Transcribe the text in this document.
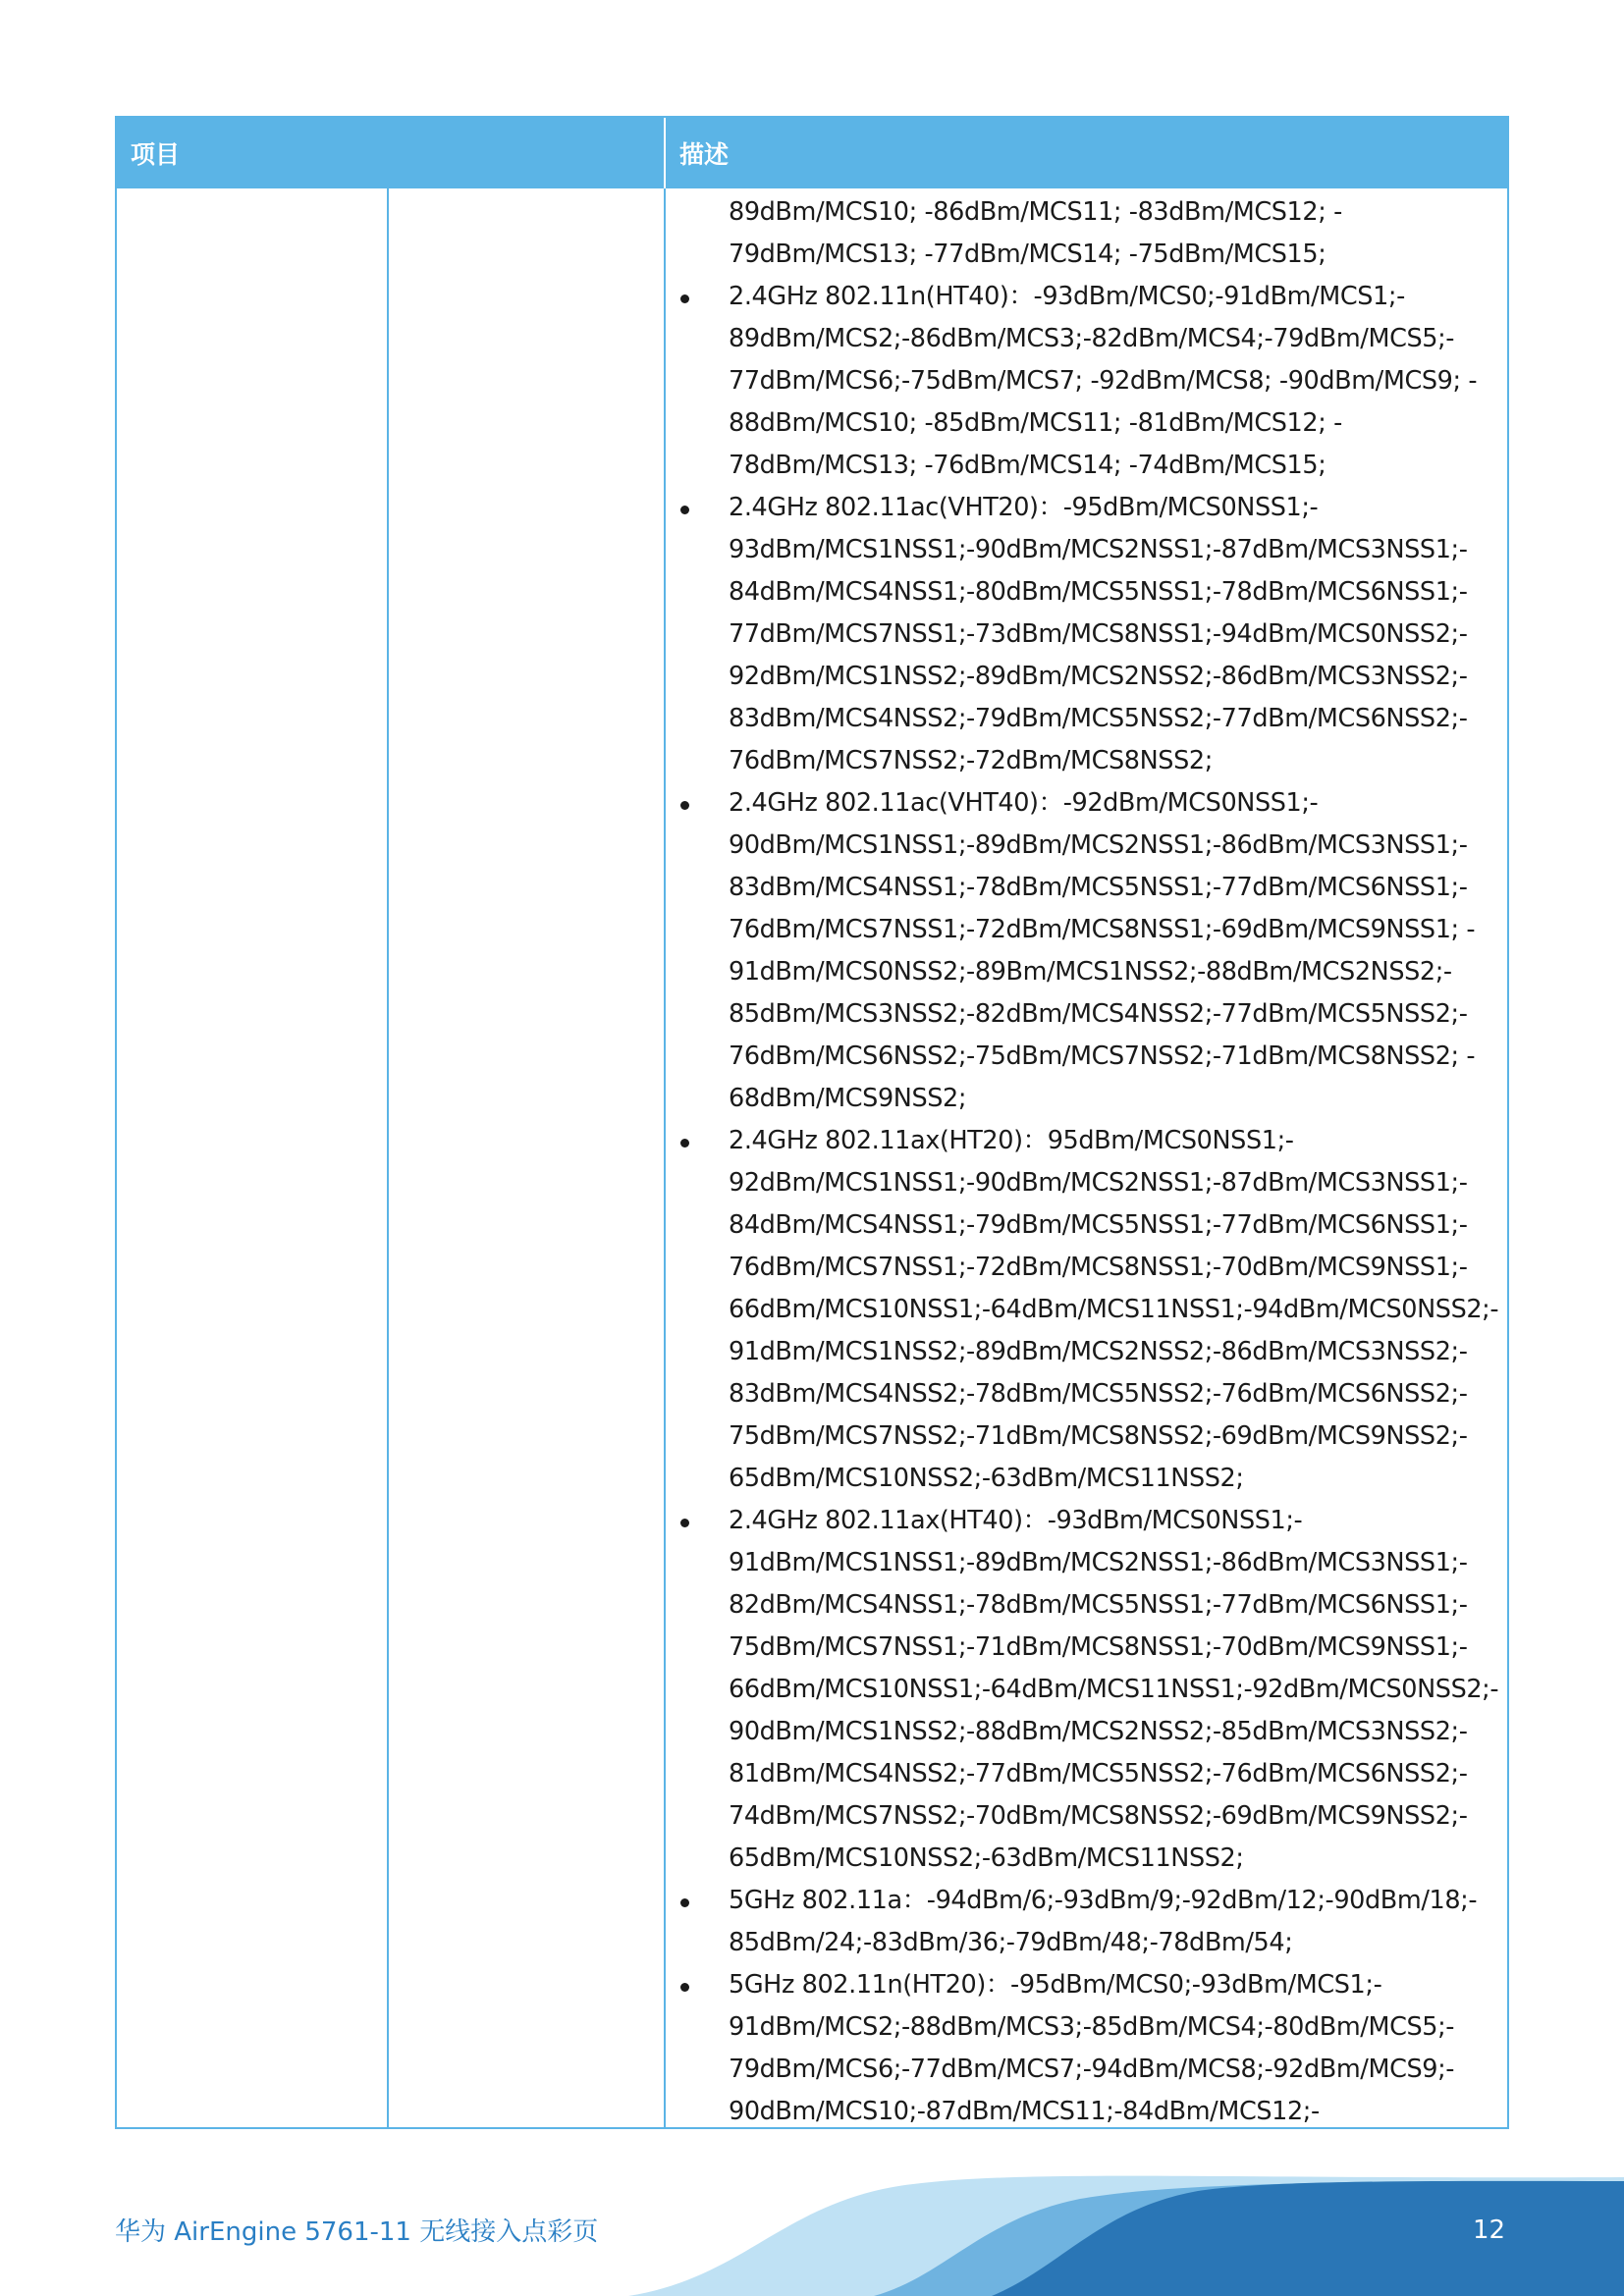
项目	描述
89dBm/MCS10; -86dBm/MCS11; -83dBm/MCS12; -
79dBm/MCS13; -77dBm/MCS14; -75dBm/MCS15;
2.4GHz 802.11n(HT40)：-93dBm/MCS0;-91dBm/MCS1;-
89dBm/MCS2;-86dBm/MCS3;-82dBm/MCS4;-79dBm/MCS5;-
77dBm/MCS6;-75dBm/MCS7; -92dBm/MCS8; -90dBm/MCS9; -
88dBm/MCS10; -85dBm/MCS11; -81dBm/MCS12; -
78dBm/MCS13; -76dBm/MCS14; -74dBm/MCS15;
2.4GHz 802.11ac(VHT20)：-95dBm/MCS0NSS1;-
93dBm/MCS1NSS1;-90dBm/MCS2NSS1;-87dBm/MCS3NSS1;-
84dBm/MCS4NSS1;-80dBm/MCS5NSS1;-78dBm/MCS6NSS1;-
77dBm/MCS7NSS1;-73dBm/MCS8NSS1;-94dBm/MCS0NSS2;-
92dBm/MCS1NSS2;-89dBm/MCS2NSS2;-86dBm/MCS3NSS2;-
83dBm/MCS4NSS2;-79dBm/MCS5NSS2;-77dBm/MCS6NSS2;-
76dBm/MCS7NSS2;-72dBm/MCS8NSS2;
2.4GHz 802.11ac(VHT40)：-92dBm/MCS0NSS1;-
90dBm/MCS1NSS1;-89dBm/MCS2NSS1;-86dBm/MCS3NSS1;-
83dBm/MCS4NSS1;-78dBm/MCS5NSS1;-77dBm/MCS6NSS1;-
76dBm/MCS7NSS1;-72dBm/MCS8NSS1;-69dBm/MCS9NSS1; -
91dBm/MCS0NSS2;-89Bm/MCS1NSS2;-88dBm/MCS2NSS2;-
85dBm/MCS3NSS2;-82dBm/MCS4NSS2;-77dBm/MCS5NSS2;-
76dBm/MCS6NSS2;-75dBm/MCS7NSS2;-71dBm/MCS8NSS2; -
68dBm/MCS9NSS2;
2.4GHz 802.11ax(HT20)：95dBm/MCS0NSS1;-
92dBm/MCS1NSS1;-90dBm/MCS2NSS1;-87dBm/MCS3NSS1;-
84dBm/MCS4NSS1;-79dBm/MCS5NSS1;-77dBm/MCS6NSS1;-
76dBm/MCS7NSS1;-72dBm/MCS8NSS1;-70dBm/MCS9NSS1;-
66dBm/MCS10NSS1;-64dBm/MCS11NSS1;-94dBm/MCS0NSS2;-
91dBm/MCS1NSS2;-89dBm/MCS2NSS2;-86dBm/MCS3NSS2;-
83dBm/MCS4NSS2;-78dBm/MCS5NSS2;-76dBm/MCS6NSS2;-
75dBm/MCS7NSS2;-71dBm/MCS8NSS2;-69dBm/MCS9NSS2;-
65dBm/MCS10NSS2;-63dBm/MCS11NSS2;
2.4GHz 802.11ax(HT40)：-93dBm/MCS0NSS1;-
91dBm/MCS1NSS1;-89dBm/MCS2NSS1;-86dBm/MCS3NSS1;-
82dBm/MCS4NSS1;-78dBm/MCS5NSS1;-77dBm/MCS6NSS1;-
75dBm/MCS7NSS1;-71dBm/MCS8NSS1;-70dBm/MCS9NSS1;-
66dBm/MCS10NSS1;-64dBm/MCS11NSS1;-92dBm/MCS0NSS2;-
90dBm/MCS1NSS2;-88dBm/MCS2NSS2;-85dBm/MCS3NSS2;-
81dBm/MCS4NSS2;-77dBm/MCS5NSS2;-76dBm/MCS6NSS2;-
74dBm/MCS7NSS2;-70dBm/MCS8NSS2;-69dBm/MCS9NSS2;-
65dBm/MCS10NSS2;-63dBm/MCS11NSS2;
5GHz 802.11a：-94dBm/6;-93dBm/9;-92dBm/12;-90dBm/18;-
85dBm/24;-83dBm/36;-79dBm/48;-78dBm/54;
5GHz 802.11n(HT20)：-95dBm/MCS0;-93dBm/MCS1;-
91dBm/MCS2;-88dBm/MCS3;-85dBm/MCS4;-80dBm/MCS5;-
79dBm/MCS6;-77dBm/MCS7;-94dBm/MCS8;-92dBm/MCS9;-
90dBm/MCS10;-87dBm/MCS11;-84dBm/MCS12;-
华为 AirEngine 5761-11 无线接入点彩页	12
